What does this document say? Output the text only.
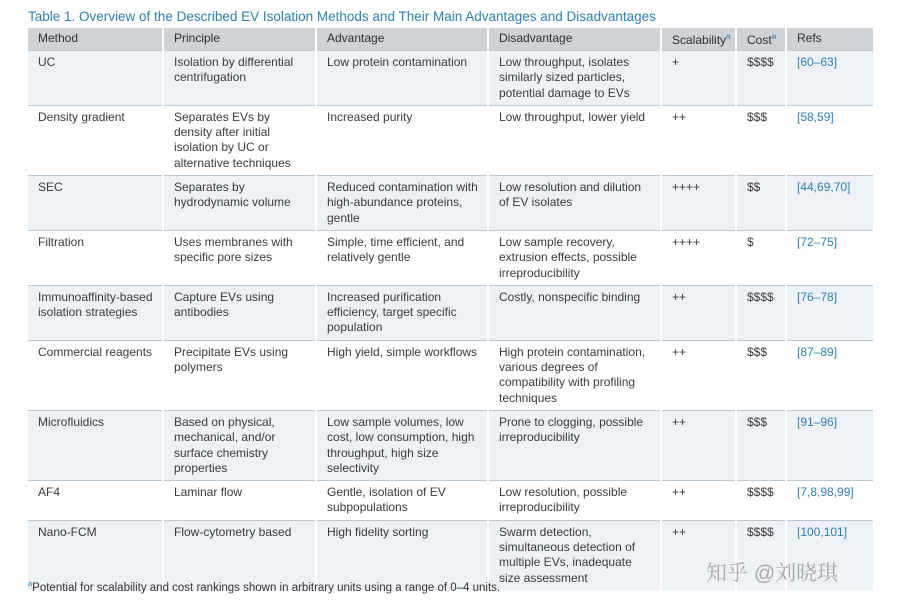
Table 1. Overview of the Described EV Isolation Methods and Their Main Advantages and Disadvantages
Method	Principle	Advantage	Disadvantage	Scalability$^a$	Cost$^a$	Refs
UC	Isolation by differential centrifugation	Low protein contamination	Low throughput, isolates similarly sized particles, potential damage to EVs	+	$$$$	[60–63]
Density gradient	Separates EVs by density after initial isolation by UC or alternative techniques	Increased purity	Low throughput, lower yield	++	$$$	[58,59]
SEC	Separates by hydrodynamic volume	Reduced contamination with high-abundance proteins, gentle	Low resolution and dilution of EV isolates	++++	$$	[44,69,70]
Filtration	Uses membranes with specific pore sizes	Simple, time efficient, and relatively gentle	Low sample recovery, extrusion effects, possible irreproducibility	++++	$	[72–75]
Immunoaffinity-based isolation strategies	Capture EVs using antibodies	Increased purification efficiency, target specific population	Costly, nonspecific binding	++	$$$$	[76–78]
Commercial reagents	Precipitate EVs using polymers	High yield, simple workflows	High protein contamination, various degrees of compatibility with profiling techniques	++	$$$	[87–89]
Microfluidics	Based on physical, mechanical, and/or surface chemistry properties	Low sample volumes, low cost, low consumption, high throughput, high size selectivity	Prone to clogging, possible irreproducibility	++	$$$	[91–96]
AF4	Laminar flow	Gentle, isolation of EV subpopulations	Low resolution, possible irreproducibility	++	$$$$	[7,8,98,99]
Nano-FCM	Flow-cytometry based	High fidelity sorting	Swarm detection, simultaneous detection of multiple EVs, inadequate size assessment	++	$$$$	[100,101]
$^a$Potential for scalability and cost rankings shown in arbitrary units using a range of 0–4 units.
知乎 @刘晓琪
